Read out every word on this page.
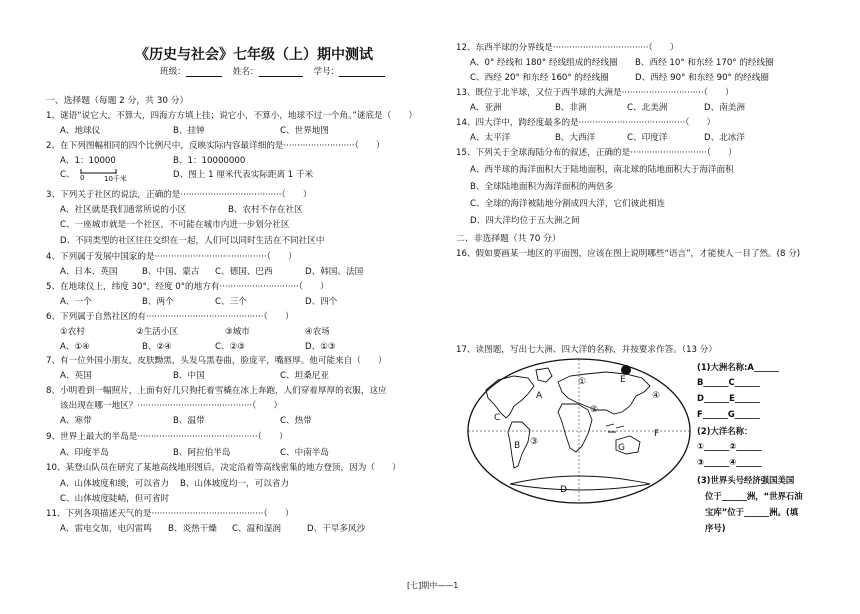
《历史与社会》七年级（上）期中测试
班级：	姓名：	学号：
一、选择题（每题 2 分，共 30 分）
1、谜语“说它大，不算大，四海方方填上挂；说它小，不算小，地球不过一个角。”谜底是（　　）
A、地球仪	B、挂钟	C、世界地图
2、在下列图幅相同的四个比例尺中，反映实际内容最详细的是··························（　　）
A、1：10000	B、1：10000000
C、 0	10千米	D、图上 1 厘米代表实际距离 1 千米
3、下列关于社区的说法，正确的是·····································（　　）
A、社区就是我们通常所说的小区	B、农村不存在社区
C、一座城市就是一个社区，不可能在城市内进一步划分社区
D、不同类型的社区往往交织在一起，人们可以同时生活在不同社区中
4、下列属于发展中国家的是·········································（　　）
A、日本、英国	B、中国、蒙古 C、德国、巴西	D、韩国、法国
5、在地球仪上，纬度 30°，经度 0°的地方有·····························（　　）
A、一个	B、两个	C、三个	D、四个
6、下列属于自然社区的有···········································（　　）
①农村	②生活小区	③城市	④农场
A、①④	B、②④	C、②③	D、①③
7、有一位外国小朋友，皮肤黝黑，头发乌黑卷曲，脸庞平，嘴唇厚。他可能来自（　　）
A、英国	B、中国	C、坦桑尼亚
8、小明看到一幅照片，上面有好几只狗托着雪橇在冰上奔跑，人们穿着厚厚的衣服，这应
该出现在哪一地区？··········································（　　）
A、寒带	B、温带	C、热带
9、世界上最大的半岛是············································（　　）
A、印度半岛	B、阿拉伯半岛	C、中南半岛
10、某登山队员在研究了某地高线地形图后，决定沿着等高线密集的地方登顶，因为（　　）
A、山体坡度和缓，可以省力 B、山体坡度均一，可以省力
C、山体坡度陡峭，但可省时
11、下列各项描述天气的是·········································（　　）
A、雷电交加，电闪雷鸣 B、炎热干燥 C、温和湿润	D、干旱多风沙
12、东西半球的分界线是···································（　　）
A、0° 经线和 180° 经线组成的经线圈 B、西经 10° 和东经 170° 的经线圈
C、西经 20° 和东经 160° 的经线圈	D、西经 90° 和东经 90° 的经线圈
13、既位于北半球，又位于西半球的大洲是······························（　　）
A、亚洲	B、非洲	C、北美洲	D、南美洲
14、四大洋中，跨经度最多的是·······································（　　）
A、太平洋	B、大西洋	C、印度洋	D、北冰洋
15、下列关于全球海陆分布的叙述，正确的是····························（　　）
A、西半球的海洋面积大于陆地面积，南北球的陆地面积大于海洋面积
B、全球陆地面积为海洋面积的两倍多
C、全球的海洋被陆地分割成四大洋，它们彼此相连
D、四大洋均位于五大洲之间
二、非选择题（共 70 分）
16、假如要画某一地区的平面图，应该在图上说明哪些“语言”，才能使人一目了然。(8 分)
17、读图题，写出七大洲、四大洋的名称，并按要求作答。（13 分）
A
B
C
D
E
F
G
①
②
③
④
(1)大洲名称:A______
B______C______
D______E______
F______G______
(2)大洋名称：
①______②______
③______④______
(3)世界头号经济强国美国
位于______洲，“世界石油
宝库”位于______洲。(填
序号)
[七]期中——1
